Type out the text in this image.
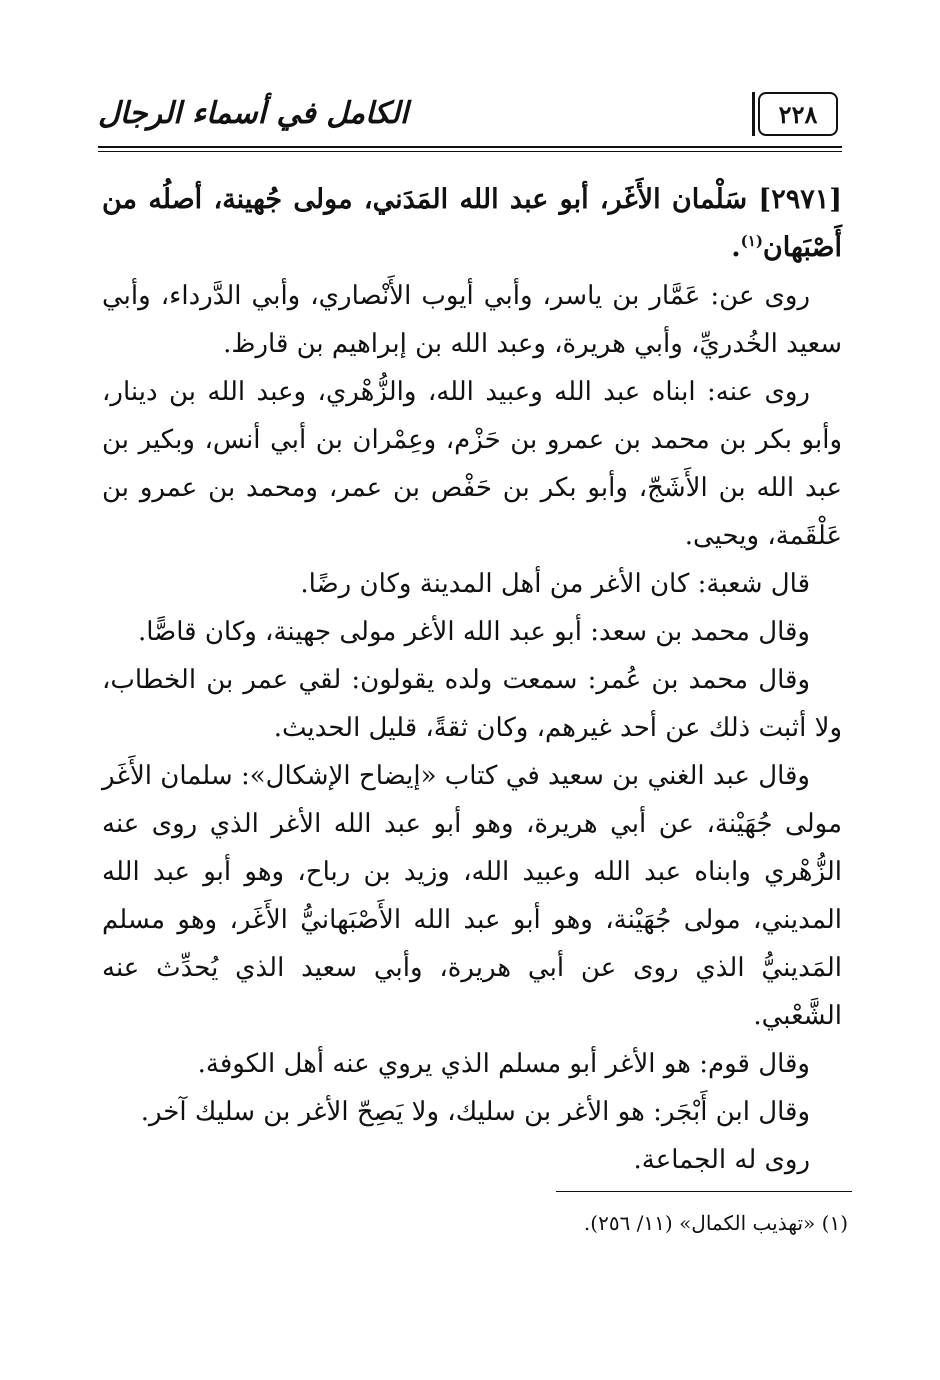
٢٢٨
الكامل في أسماء الرجال

[٢٩٧١] سَلْمان الأَغَر، أبو عبد الله المَدَني، مولى جُهينة، أصلُه من أَصْبَهان$^{(١)}$.

روى عن: عَمَّار بن ياسر، وأبي أيوب الأَنْصاري، وأبي الدَّرداء، وأبي سعيد الخُدريِّ، وأبي هريرة، وعبد الله بن إبراهيم بن قارظ.

روى عنه: ابناه عبد الله وعبيد الله، والزُّهْري، وعبد الله بن دينار، وأبو بكر بن محمد بن عمرو بن حَزْم، وعِمْران بن أبي أنس، وبكير بن عبد الله بن الأَشَجّ، وأبو بكر بن حَفْص بن عمر، ومحمد بن عمرو بن عَلْقَمة، ويحيى.

قال شعبة: كان الأغر من أهل المدينة وكان رضًا.

وقال محمد بن سعد: أبو عبد الله الأغر مولى جهينة، وكان قاصًّا.

وقال محمد بن عُمر: سمعت ولده يقولون: لقي عمر بن الخطاب، ولا أثبت ذلك عن أحد غيرهم، وكان ثقةً، قليل الحديث.

وقال عبد الغني بن سعيد في كتاب «إيضاح الإشكال»: سلمان الأَغَر مولى جُهَيْنة، عن أبي هريرة، وهو أبو عبد الله الأغر الذي روى عنه الزُّهْري وابناه عبد الله وعبيد الله، وزيد بن رباح، وهو أبو عبد الله المديني، مولى جُهَيْنة، وهو أبو عبد الله الأَصْبَهانيُّ الأَغَر، وهو مسلم المَدينيُّ الذي روى عن أبي هريرة، وأبي سعيد الذي يُحدِّث عنه الشَّعْبي.

وقال قوم: هو الأغر أبو مسلم الذي يروي عنه أهل الكوفة.

وقال ابن أَبْجَر: هو الأغر بن سليك، ولا يَصِحّ الأغر بن سليك آخر.

روى له الجماعة.

(١) «تهذيب الكمال» (١١/ ٢٥٦).
